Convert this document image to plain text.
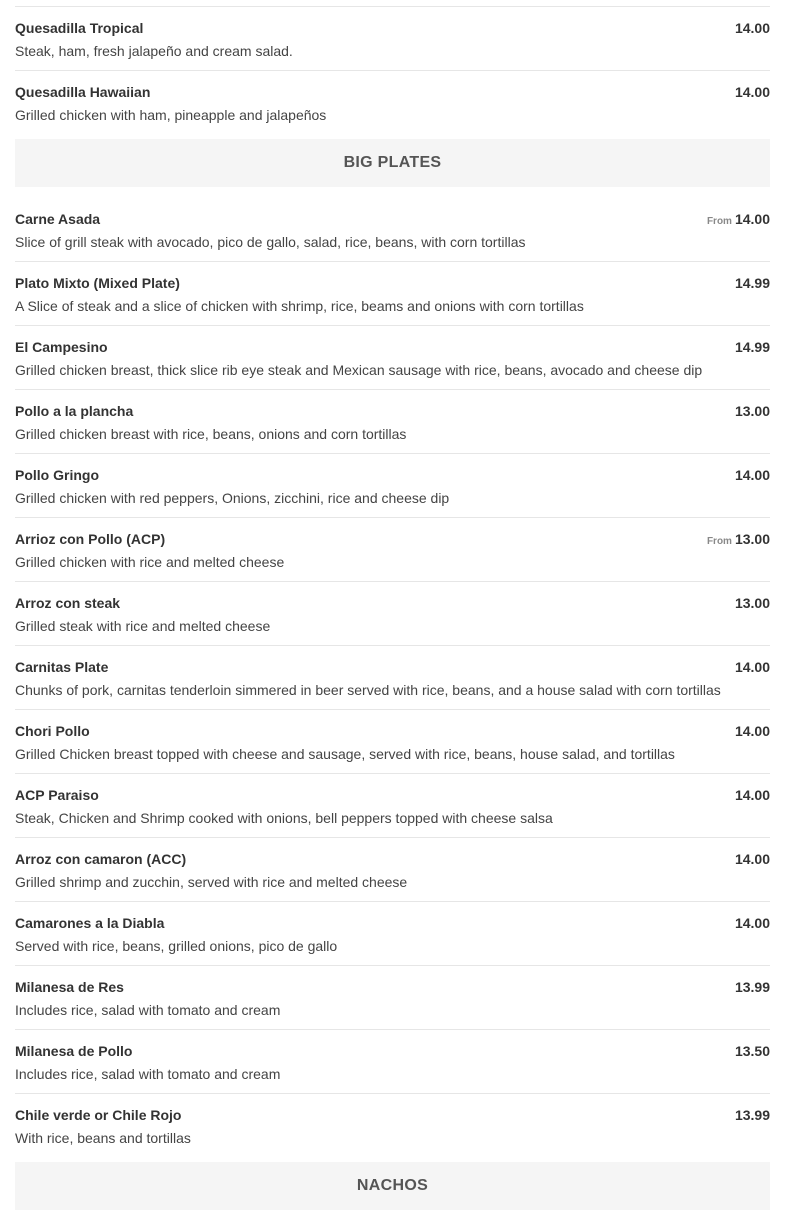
Quesadilla Tropical
Steak, ham, fresh jalapeño and cream salad.
14.00
Quesadilla Hawaiian
Grilled chicken with ham, pineapple and jalapeños
14.00
BIG PLATES
Carne Asada
Slice of grill steak with avocado, pico de gallo, salad, rice, beans, with corn tortillas
From 14.00
Plato Mixto (Mixed Plate)
A Slice of steak and a slice of chicken with shrimp, rice, beams and onions with corn tortillas
14.99
El Campesino
Grilled chicken breast, thick slice rib eye steak and Mexican sausage with rice, beans, avocado and cheese dip
14.99
Pollo a la plancha
Grilled chicken breast with rice, beans, onions and corn tortillas
13.00
Pollo Gringo
Grilled chicken with red peppers, Onions, zicchini, rice and cheese dip
14.00
Arrioz con Pollo (ACP)
Grilled chicken with rice and melted cheese
From 13.00
Arroz con steak
Grilled steak with rice and melted cheese
13.00
Carnitas Plate
Chunks of pork, carnitas tenderloin simmered in beer served with rice, beans, and a house salad with corn tortillas
14.00
Chori Pollo
Grilled Chicken breast topped with cheese and sausage, served with rice, beans, house salad, and tortillas
14.00
ACP Paraiso
Steak, Chicken and Shrimp cooked with onions, bell peppers topped with cheese salsa
14.00
Arroz con camaron (ACC)
Grilled shrimp and zucchin, served with rice and melted cheese
14.00
Camarones a la Diabla
Served with rice, beans, grilled onions, pico de gallo
14.00
Milanesa de Res
Includes rice, salad with tomato and cream
13.99
Milanesa de Pollo
Includes rice, salad with tomato and cream
13.50
Chile verde or Chile Rojo
With rice, beans and tortillas
13.99
NACHOS
